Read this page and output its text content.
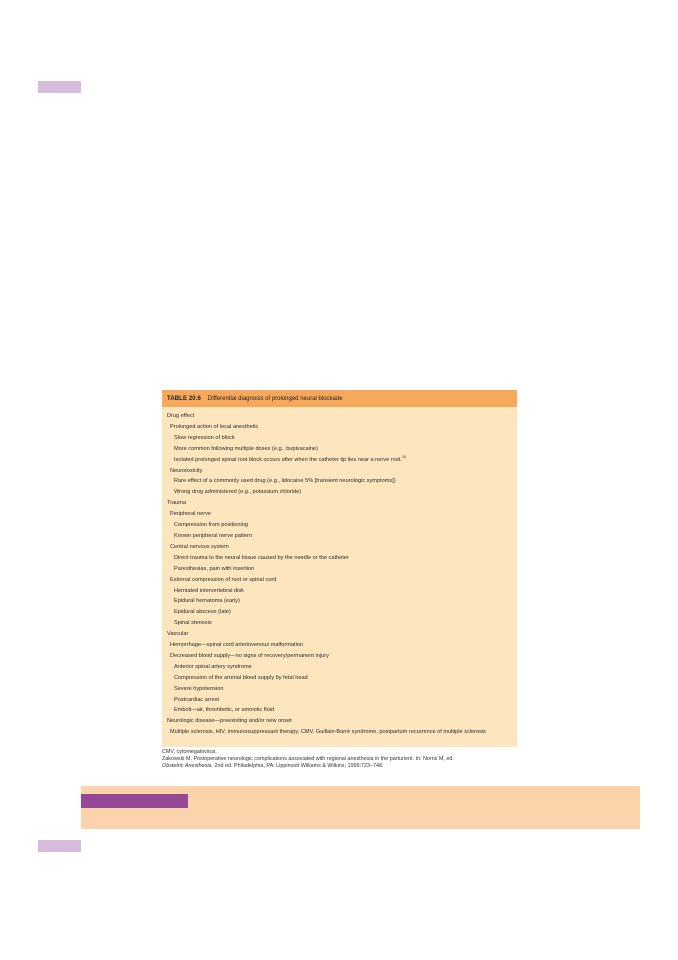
TABLE 20.6 Differential diagnosis of prolonged neural blockade
Drug effect
Prolonged action of local anesthetic
Slow regression of block
More common following multiple doses (e.g., bupivacaine)
Isolated prolonged spinal root block occurs after when the catheter tip lies near a nerve root.$^{34}$
Neurotoxicity
Rare effect of a commonly used drug (e.g., lidocaine 5% [transient neurologic symptoms])
Wrong drug administered (e.g., potassium chloride)
Trauma
Peripheral nerve
Compression from positioning
Known peripheral nerve pattern
Central nervous system
Direct trauma to the neural tissue caused by the needle or the catheter
Paresthesias, pain with insertion
External compression of root or spinal cord
Herniated intervertebral disk
Epidural hematoma (early)
Epidural abscess (late)
Spinal stenosis
Vascular
Hemorrhage—spinal cord arteriovenous malformation
Decreased blood supply—no signs of recovery/permanent injury
Anterior spinal artery syndrome
Compression of the arterial blood supply by fetal head
Severe hypotension
Postcardiac arrest
Emboli—air, thrombotic, or amniotic fluid
Neurologic disease—preexisting and/or new onset
Multiple sclerosis, HIV, immunosuppressant therapy, CMV, Guillain-Barré syndrome, postpartum recurrence of multiple sclerosis
CMV, cytomegalovirus.
Zakowski M. Postoperative neurologic complications associated with regional anesthesia in the parturient. In: Norris M, ed.
Obstetric Anesthesia. 2nd ed. Philadelphia, PA: Lippincott Williams & Wilkins; 1999:723–748.
